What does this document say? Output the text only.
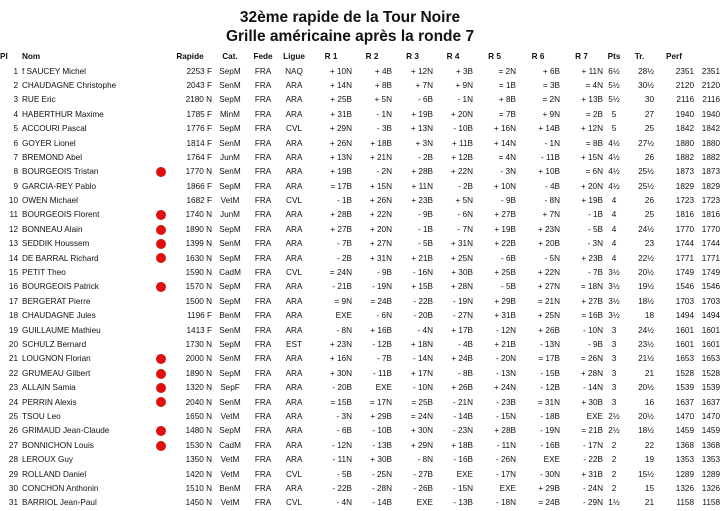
32ème rapide de la Tour Noire
Grille américaine après la ronde 7
Pl	Nom	Rapide	Cat.	Fede	Ligue	R 1	R 2	R 3	R 4	R 5	R 6	R 7	Pts	Tr.	Perf	
1	f SAUCEY Michel	2253 F	SepM	FRA	NAQ	+ 10N	+ 4B	+ 12N	+ 3B	= 2N	+ 6B	+ 11N	6½	28½	2351	2351
2	CHAUDAGNE Christophe	2043 F	SenM	FRA	ARA	+ 14N	+ 8B	+ 7N	+ 9N	= 1B	= 3B	= 4N	5½	30½	2120	2120
3	RUE Eric	2180 N	SepM	FRA	ARA	+ 25B	+ 5N	- 6B	- 1N	+ 8B	= 2N	+ 13B	5½	30	2116	2116
4	HABERTHUR Maxime	1785 F	MinM	FRA	ARA	+ 31B	- 1N	+ 19B	+ 20N	= 7B	+ 9N	= 2B	5	27	1940	1940
5	ACCOURI Pascal	1776 F	SepM	FRA	CVL	+ 29N	- 3B	+ 13N	- 10B	+ 16N	+ 14B	+ 12N	5	25	1842	1842
6	GOYER Lionel	1814 F	SenM	FRA	ARA	+ 26N	+ 18B	+ 3N	+ 11B	+ 14N	- 1N	= 8B	4½	27½	1880	1880
7	BREMOND Abel	1764 F	JunM	FRA	ARA	+ 13N	+ 21N	- 2B	+ 12B	= 4N	- 11B	+ 15N	4½	26	1882	1882
8	BOURGEOIS Tristan	1770 N	SenM	FRA	ARA	+ 19B	- 2N	+ 28B	+ 22N	- 3N	+ 10B	= 6N	4½	25½	1873	1873
9	GARCIA-REY Pablo	1866 F	SepM	FRA	ARA	= 17B	+ 15N	+ 11N	- 2B	+ 10N	- 4B	+ 20N	4½	25½	1829	1829
10	OWEN Michael	1682 F	VetM	FRA	CVL	- 1B	+ 26N	+ 23B	+ 5N	- 9B	- 8N	+ 19B	4	26	1723	1723
11	BOURGEOIS Florent	1740 N	JunM	FRA	ARA	+ 28B	+ 22N	- 9B	- 6N	+ 27B	+ 7N	- 1B	4	25	1816	1816
12	BONNEAU Alain	1890 N	SepM	FRA	ARA	+ 27B	+ 20N	- 1B	- 7N	+ 19B	+ 23N	- 5B	4	24½	1770	1770
13	SEDDIK Houssem	1399 N	SenM	FRA	ARA	- 7B	+ 27N	- 5B	+ 31N	+ 22B	+ 20B	- 3N	4	23	1744	1744
14	DE BARRAL Richard	1630 N	SepM	FRA	ARA	- 2B	+ 31N	+ 21B	+ 25N	- 6B	- 5N	+ 23B	4	22½	1771	1771
15	PETIT Theo	1590 N	CadM	FRA	CVL	= 24N	- 9B	- 16N	+ 30B	+ 25B	+ 22N	- 7B	3½	20½	1749	1749
16	BOURGEOIS Patrick	1570 N	SepM	FRA	ARA	- 21B	- 19N	+ 15B	+ 28N	- 5B	+ 27N	= 18N	3½	19½	1546	1546
17	BERGERAT Pierre	1500 N	SepM	FRA	ARA	= 9N	= 24B	- 22B	- 19N	+ 29B	= 21N	+ 27B	3½	18½	1703	1703
18	CHAUDAGNE Jules	1196 F	BenM	FRA	ARA	EXE	- 6N	- 20B	- 27N	+ 31B	+ 25N	= 16B	3½	18	1494	1494
19	GUILLAUME Mathieu	1413 F	SenM	FRA	ARA	- 8N	+ 16B	- 4N	+ 17B	- 12N	+ 26B	- 10N	3	24½	1601	1601
20	SCHULZ Bernard	1730 N	SepM	FRA	EST	+ 23N	- 12B	+ 18N	- 4B	+ 21B	- 13N	- 9B	3	23½	1601	1601
21	LOUGNON Florian	2000 N	SenM	FRA	ARA	+ 16N	- 7B	- 14N	+ 24B	- 20N	= 17B	= 26N	3	21½	1653	1653
22	GRUMEAU Gilbert	1890 N	SepM	FRA	ARA	+ 30N	- 11B	+ 17N	- 8B	- 13N	- 15B	+ 28N	3	21	1528	1528
23	ALLAIN Samia	1320 N	SepF	FRA	ARA	- 20B	EXE	- 10N	+ 26B	+ 24N	- 12B	- 14N	3	20½	1539	1539
24	PERRIN Alexis	2040 N	SenM	FRA	ARA	= 15B	= 17N	= 25B	- 21N	- 23B	= 31N	+ 30B	3	16	1637	1637
25	TSOU Leo	1650 N	VetM	FRA	ARA	- 3N	+ 29B	= 24N	- 14B	- 15N	- 18B	EXE	2½	20½	1470	1470
26	GRIMAUD Jean-Claude	1480 N	SepM	FRA	ARA	- 6B	- 10B	+ 30N	- 23N	+ 28B	- 19N	= 21B	2½	18½	1459	1459
27	BONNICHON Louis	1530 N	CadM	FRA	ARA	- 12N	- 13B	+ 29N	+ 18B	- 11N	- 16B	- 17N	2	22	1368	1368
28	LEROUX Guy	1350 N	VetM	FRA	ARA	- 11N	+ 30B	- 8N	- 16B	- 26N	EXE	- 22B	2	19	1353	1353
29	ROLLAND Daniel	1420 N	VetM	FRA	CVL	- 5B	- 25N	- 27B	EXE	- 17N	- 30N	+ 31B	2	15½	1289	1289
30	CONCHON Anthonin	1510 N	BenM	FRA	ARA	- 22B	- 28N	- 26B	- 15N	EXE	+ 29B	- 24N	2	15	1326	1326
31	BARRIOL Jean-Paul	1450 N	VetM	FRA	CVL	- 4N	- 14B	EXE	- 13B	- 18N	= 24B	- 29N	1½	21	1158	1158
